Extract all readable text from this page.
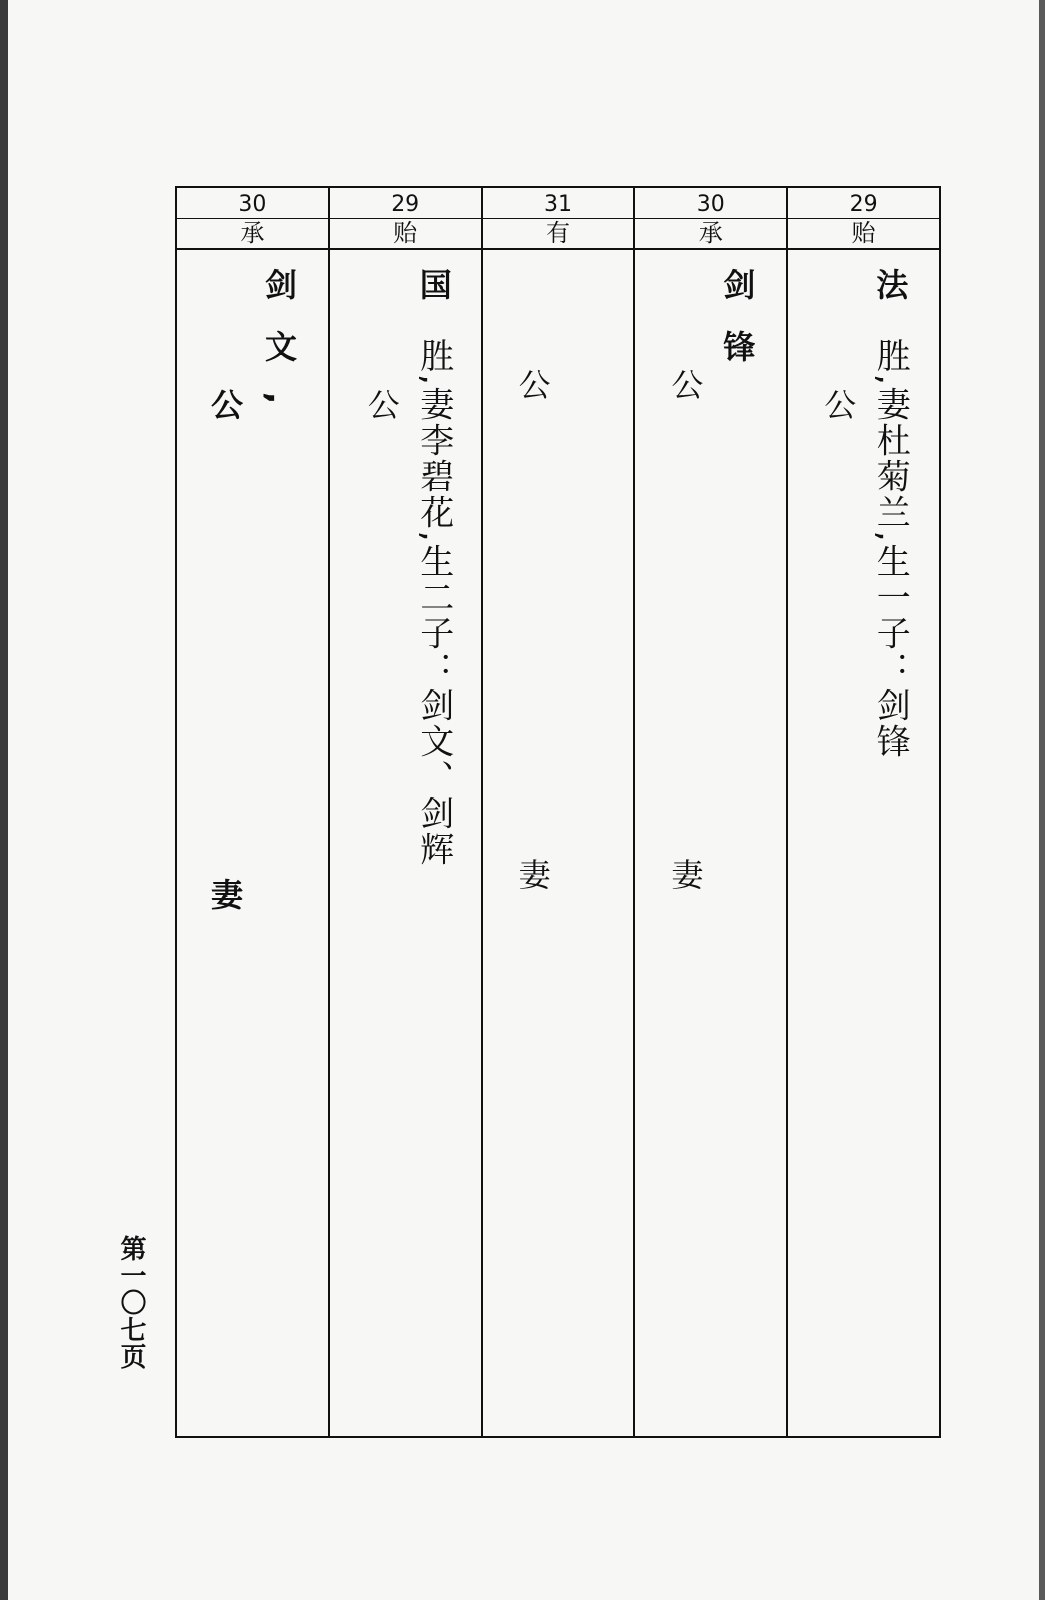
30
承
剑文,
公
妻
29
贻
国
胜,妻李碧花,生二子：剑文、剑辉
公
31
有
公
妻
30
承
剑锋
公
妻
29
贻
法
胜,妻杜菊兰,生一子：剑锋
公
第一〇七页
